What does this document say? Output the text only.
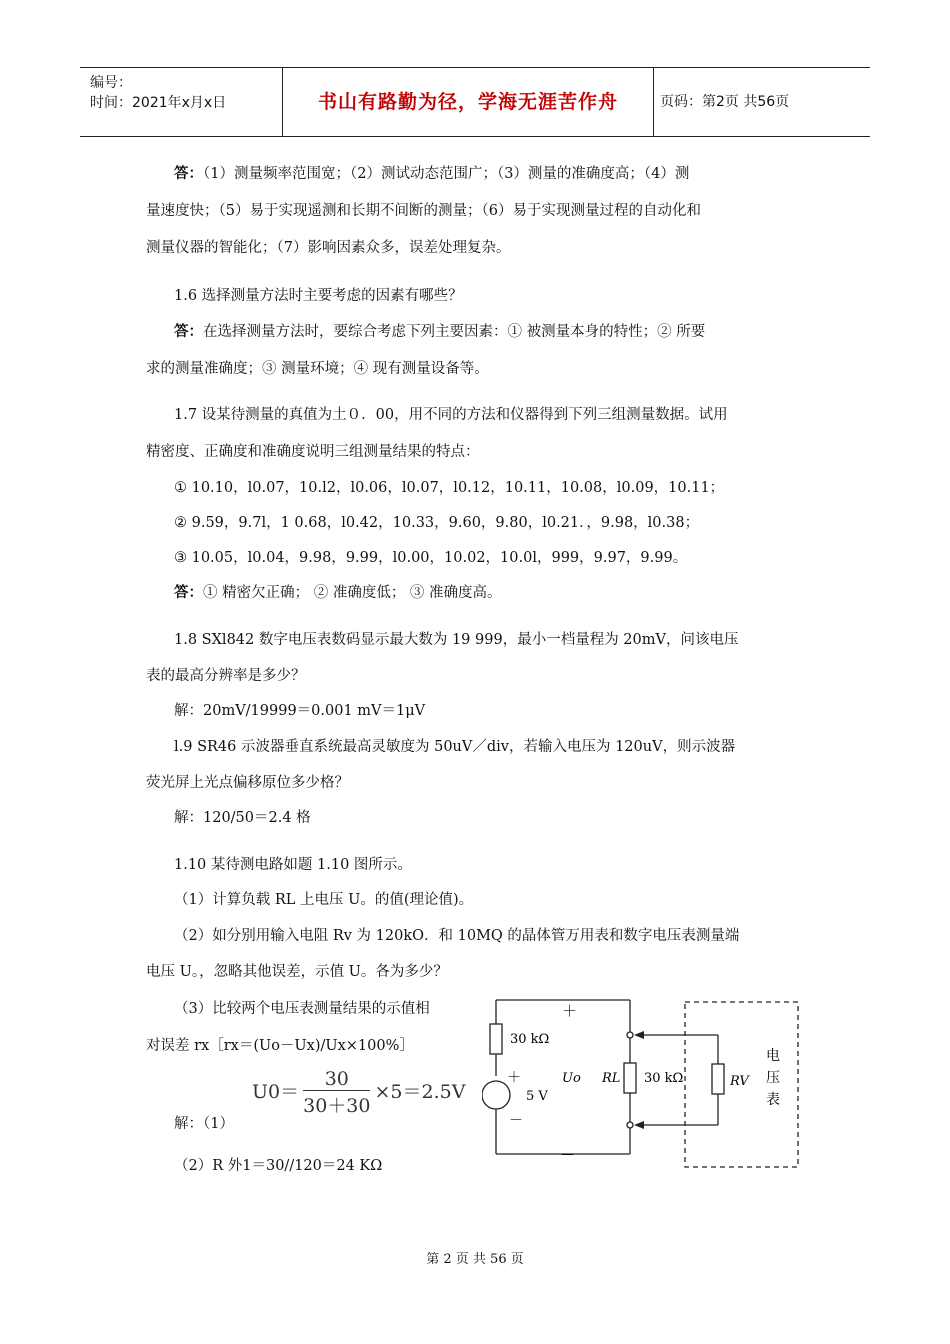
编号：
时间：2021年x月x日	书山有路勤为径，学海无涯苦作舟	页码：第2页 共56页
答：（1）测量频率范围宽；（2）测试动态范围广；（3）测量的准确度高；（4）测
量速度快；（5）易于实现遥测和长期不间断的测量；（6）易于实现测量过程的自动化和
测量仪器的智能化；（7）影响因素众多，误差处理复杂。
1.6 选择测量方法时主要考虑的因素有哪些？
答：在选择测量方法时，要综合考虑下列主要因素：① 被测量本身的特性；② 所要
求的测量准确度；③ 测量环境；④ 现有测量设备等。
1.7 设某待测量的真值为土０．00，用不同的方法和仪器得到下列三组测量数据。试用
精密度、正确度和准确度说明三组测量结果的特点：
① 10.10，l0.07，10.l2，l0.06，l0.07，l0.12，10.11，10.08，l0.09，10.11；
② 9.59，9.7l，1 0.68，l0.42，10.33，9.60，9.80，l0.21．，9.98，l0.38；
③ 10.05，l0.04，9.98，9.99，l0.00，10.02，10.0l，999，9.97，9.99。
答：① 精密欠正确； ② 准确度低； ③ 准确度高。
1.8 SXl842 数字电压表数码显示最大数为 19 999，最小一档量程为 20mV，问该电压
表的最高分辨率是多少？
解：20mV/19999＝0.001 mV＝1μV
l.9 SR46 示波器垂直系统最高灵敏度为 50uV／div，若输入电压为 120uV，则示波器
荧光屏上光点偏移原位多少格？
解：120/50＝2.4 格
1.10 某待测电路如题 1.10 图所示。
（1）计算负载 RL 上电压 U。的值(理论值)。
（2）如分别用输入电阻 Rv 为 120kO．和 10MQ 的晶体管万用表和数字电压表测量端
电压 U。，忽略其他误差，示值 U。各为多少？
（3）比较两个电压表测量结果的示值相
对误差 rx［rx＝(Uo－Ux)/Ux×100%］
$U0= \frac{30}{30+30} \times 5=2.5V$
解：（1）
（2）R 外1＝30//120＝24 KΩ
＋
30 kΩ
＋
5 V
－
－
Uo RL 30 kΩ	RV
电
压
表
第 2 页 共 56 页
